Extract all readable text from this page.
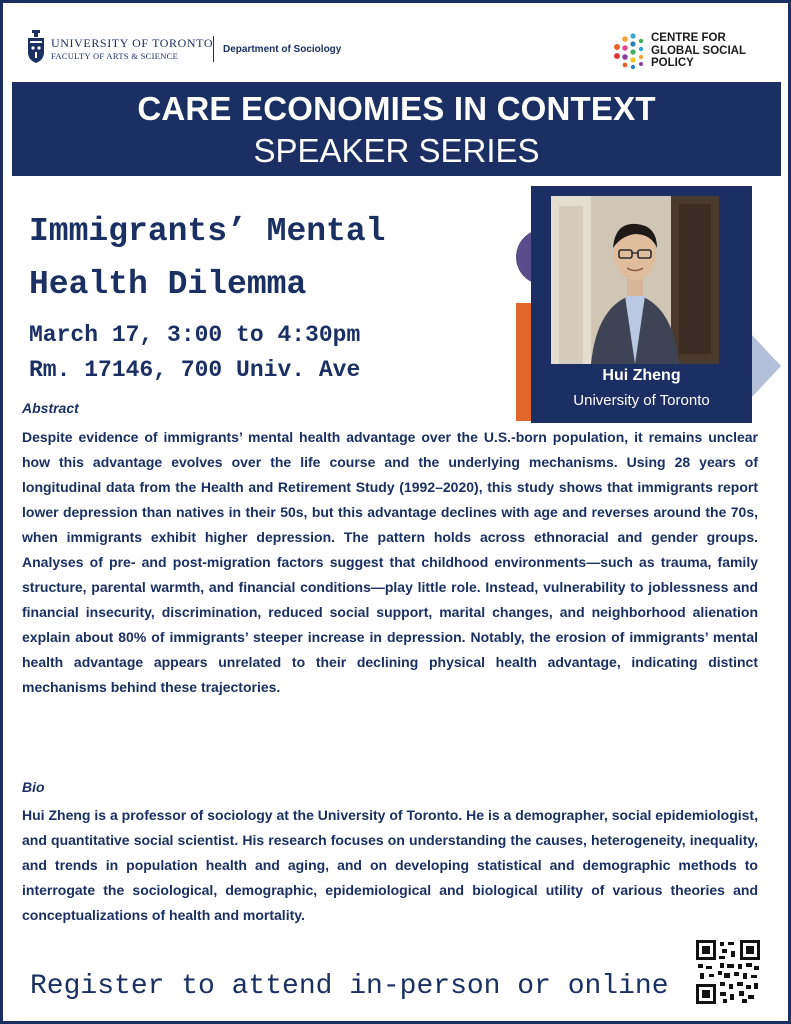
UNIVERSITY OF TORONTO
FACULTY OF ARTS & SCIENCE
Department of Sociology
CENTRE FOR
GLOBAL SOCIAL
POLICY
CARE ECONOMIES IN CONTEXT
SPEAKER SERIES
Immigrants’ Mental Health Dilemma
March 17, 3:00 to 4:30pm
Rm. 17146, 700 Univ. Ave	Hui Zheng
University of Toronto
Abstract

Despite evidence of immigrants’ mental health advantage over the U.S.-born population, it remains unclear how this advantage evolves over the life course and the underlying mechanisms. Using 28 years of longitudinal data from the Health and Retirement Study (1992–2020), this study shows that immigrants report lower depression than natives in their 50s, but this advantage declines with age and reverses around the 70s, when immigrants exhibit higher depression. The pattern holds across ethnoracial and gender groups. Analyses of pre- and post-migration factors suggest that childhood environments—such as trauma, family structure, parental warmth, and financial conditions—play little role. Instead, vulnerability to joblessness and financial insecurity, discrimination, reduced social support, marital changes, and neighborhood alienation explain about 80% of immigrants’ steeper increase in depression. Notably, the erosion of immigrants’ mental health advantage appears unrelated to their declining physical health advantage, indicating distinct mechanisms behind these trajectories.

Bio

Hui Zheng is a professor of sociology at the University of Toronto. He is a demographer, social epidemiologist, and quantitative social scientist. His research focuses on understanding the causes, heterogeneity, inequality, and trends in population health and aging, and on developing statistical and demographic methods to interrogate the sociological, demographic, epidemiological and biological utility of various theories and conceptualizations of health and mortality.

Register to attend in-person or online
